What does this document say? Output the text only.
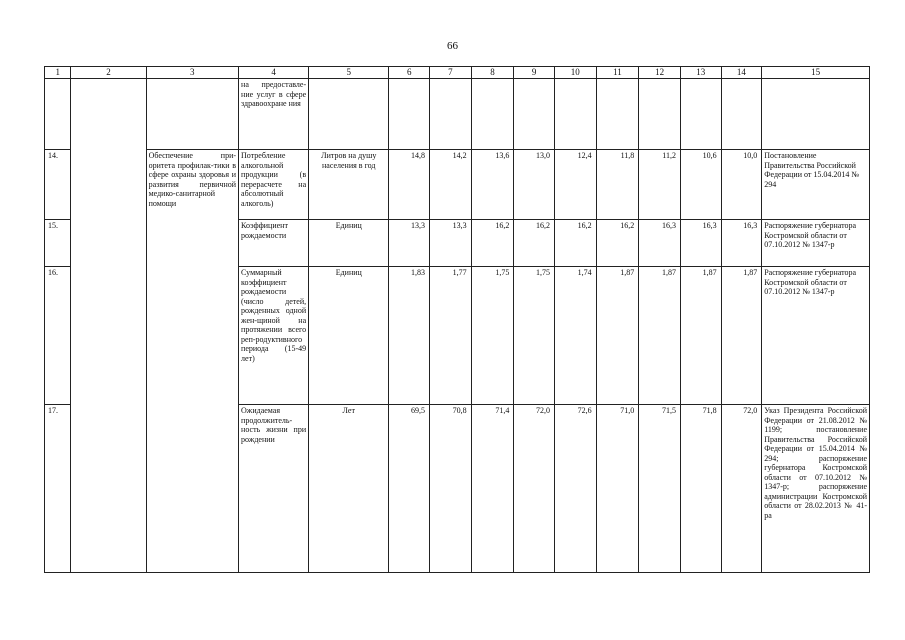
66
1	2	3	4	5	6	7	8	9	10	11	12	13	14	15
			на предоставле-ние услуг в сфере здравоохране ния											
14.		Обеспечение при-оритета профилак-тики в сфере охраны здоровья и развития первичной медико-санитарной помощи	Потребление алкогольной продукции (в перерасчете на абсолютный алкоголь)	Литров на душу населения в год	14,8	14,2	13,6	13,0	12,4	11,8	11,2	10,6	10,0	Постановление Правительства Российской Федерации от 15.04.2014 № 294
15.			Коэффициент рождаемости	Единиц	13,3	13,3	16,2	16,2	16,2	16,2	16,3	16,3	16,3	Распоряжение губернатора Костромской области от 07.10.2012 № 1347-р
16.			Суммарный коэффициент рождаемости (число детей, рожденных одной жен-щиной на протяжении всего реп-родуктивного периода (15-49 лет)	Единиц	1,83	1,77	1,75	1,75	1,74	1,87	1,87	1,87	1,87	Распоряжение губернатора Костромской области от 07.10.2012 № 1347-р
17.			Ожидаемая продолжитель-ность жизни при рождении	Лет	69,5	70,8	71,4	72,0	72,6	71,0	71,5	71,8	72,0	Указ Президента Российской Федерации от 21.08.2012 № 1199; постановление Правительства Российской Федерации от 15.04.2014 № 294; распоряжение губернатора Костромской области от 07.10.2012 № 1347-р; распоряжение администрации Костромской области от 28.02.2013 № 41-ра
